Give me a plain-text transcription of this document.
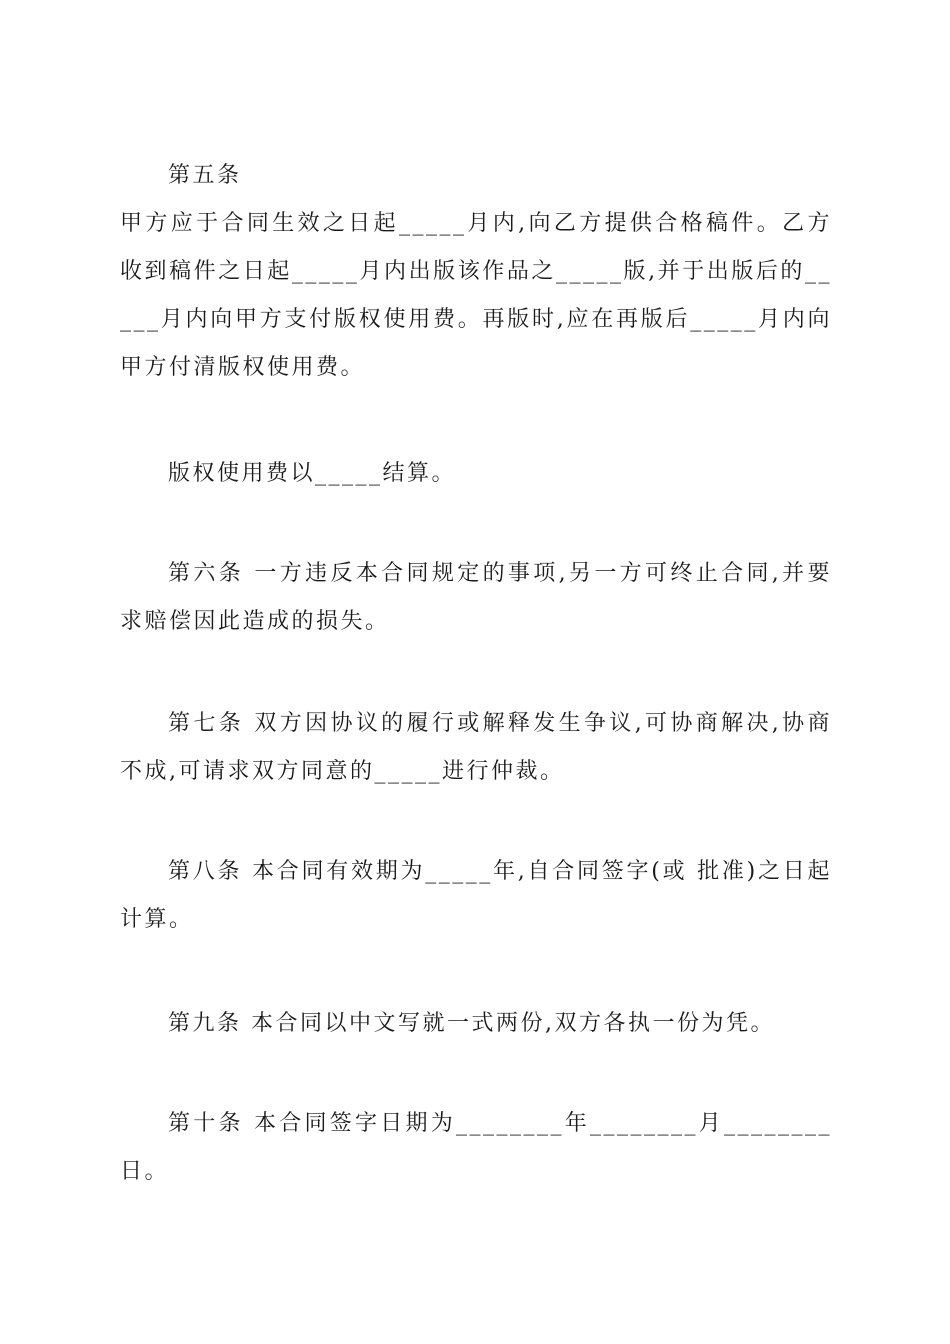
第五条

甲方应于合同生效之日起_____月内,向乙方提供合格稿件。乙方收到稿件之日起_____月内出版该作品之_____版,并于出版后的_____月内向甲方支付版权使用费。再版时,应在再版后_____月内向甲方付清版权使用费。

版权使用费以_____结算。

第六条 一方违反本合同规定的事项,另一方可终止合同,并要求赔偿因此造成的损失。

第七条 双方因协议的履行或解释发生争议,可协商解决,协商不成,可请求双方同意的_____进行仲裁。

第八条 本合同有效期为_____年,自合同签字(或 批准)之日起计算。

第九条 本合同以中文写就一式两份,双方各执一份为凭。

第十条 本合同签字日期为________年________月________日。
